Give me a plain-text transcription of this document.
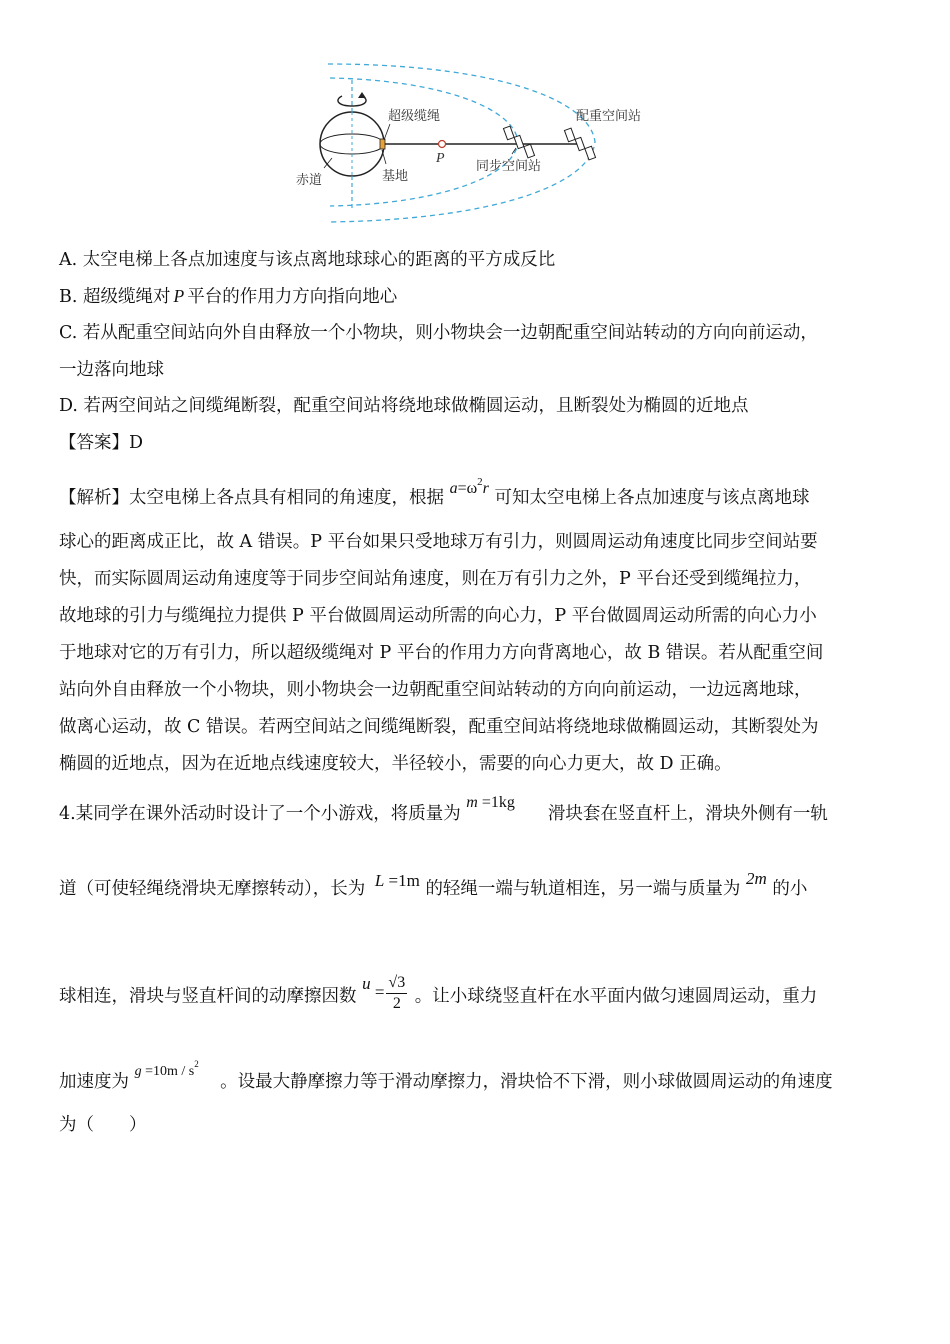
超级缆绳	配重空间站
P
同步空间站
赤道	基地
A. 太空电梯上各点加速度与该点离地球球心的距离的平方成反比
B. 超级缆绳对 P 平台的作用力方向指向地心
C. 若从配重空间站向外自由释放一个小物块，则小物块会一边朝配重空间站转动的方向向前运动，
一边落向地球
D. 若两空间站之间缆绳断裂，配重空间站将绕地球做椭圆运动，且断裂处为椭圆的近地点
【答案】D
【解析】太空电梯上各点具有相同的角速度，根据 $a=\omega^2r$ 可知太空电梯上各点加速度与该点离地球
球心的距离成正比，故 A 错误。P 平台如果只受地球万有引力，则圆周运动角速度比同步空间站要
快，而实际圆周运动角速度等于同步空间站角速度，则在万有引力之外，P 平台还受到缆绳拉力，
故地球的引力与缆绳拉力提供 P 平台做圆周运动所需的向心力，P 平台做圆周运动所需的向心力小
于地球对它的万有引力，所以超级缆绳对 P 平台的作用力方向背离地心，故 B 错误。若从配重空间
站向外自由释放一个小物块，则小物块会一边朝配重空间站转动的方向向前运动，一边远离地球，
做离心运动，故 C 错误。若两空间站之间缆绳断裂，配重空间站将绕地球做椭圆运动，其断裂处为
椭圆的近地点，因为在近地点线速度较大，半径较小，需要的向心力更大，故 D 正确。
4.某同学在课外活动时设计了一个小游戏，将质量为 m =1kg 滑块套在竖直杆上，滑块外侧有一轨
道（可使轻绳绕滑块无摩擦转动），长为 L =1m 的轻绳一端与轨道相连，另一端与质量为 2m 的小
球相连，滑块与竖直杆间的动摩擦因数 $u = \frac{√3}{2}$ 。让小球绕竖直杆在水平面内做匀速圆周运动，重力
加速度为 $g =10m / s^2$ 。设最大静摩擦力等于滑动摩擦力，滑块恰不下滑，则小球做圆周运动的角速度
为（　　）
